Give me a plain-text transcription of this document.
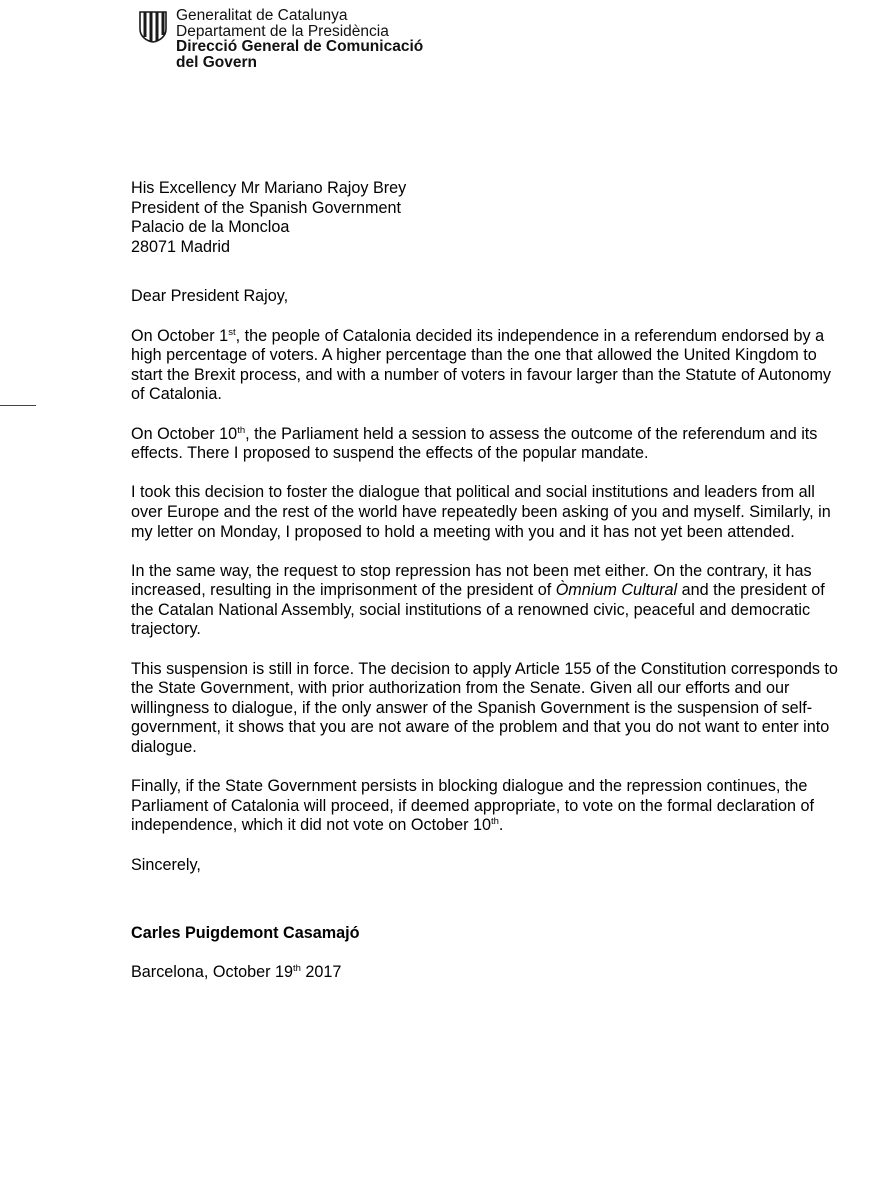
Generalitat de Catalunya
Departament de la Presidència
Direcció General de Comunicació
del Govern
His Excellency Mr Mariano Rajoy Brey
President of the Spanish Government
Palacio de la Moncloa
28071 Madrid

Dear President Rajoy,

On October 1st, the people of Catalonia decided its independence in a referendum endorsed by a high percentage of voters. A higher percentage than the one that allowed the United Kingdom to start the Brexit process, and with a number of voters in favour larger than the Statute of Autonomy of Catalonia.

On October 10th, the Parliament held a session to assess the outcome of the referendum and its effects. There I proposed to suspend the effects of the popular mandate.

I took this decision to foster the dialogue that political and social institutions and leaders from all over Europe and the rest of the world have repeatedly been asking of you and myself. Similarly, in my letter on Monday, I proposed to hold a meeting with you and it has not yet been attended.

In the same way, the request to stop repression has not been met either. On the contrary, it has increased, resulting in the imprisonment of the president of Òmnium Cultural and the president of the Catalan National Assembly, social institutions of a renowned civic, peaceful and democratic trajectory.

This suspension is still in force. The decision to apply Article 155 of the Constitution corresponds to the State Government, with prior authorization from the Senate. Given all our efforts and our willingness to dialogue, if the only answer of the Spanish Government is the suspension of self-government, it shows that you are not aware of the problem and that you do not want to enter into dialogue.

Finally, if the State Government persists in blocking dialogue and the repression continues, the Parliament of Catalonia will proceed, if deemed appropriate, to vote on the formal declaration of independence, which it did not vote on October 10th.

Sincerely,

Carles Puigdemont Casamajó

Barcelona, October 19th 2017
